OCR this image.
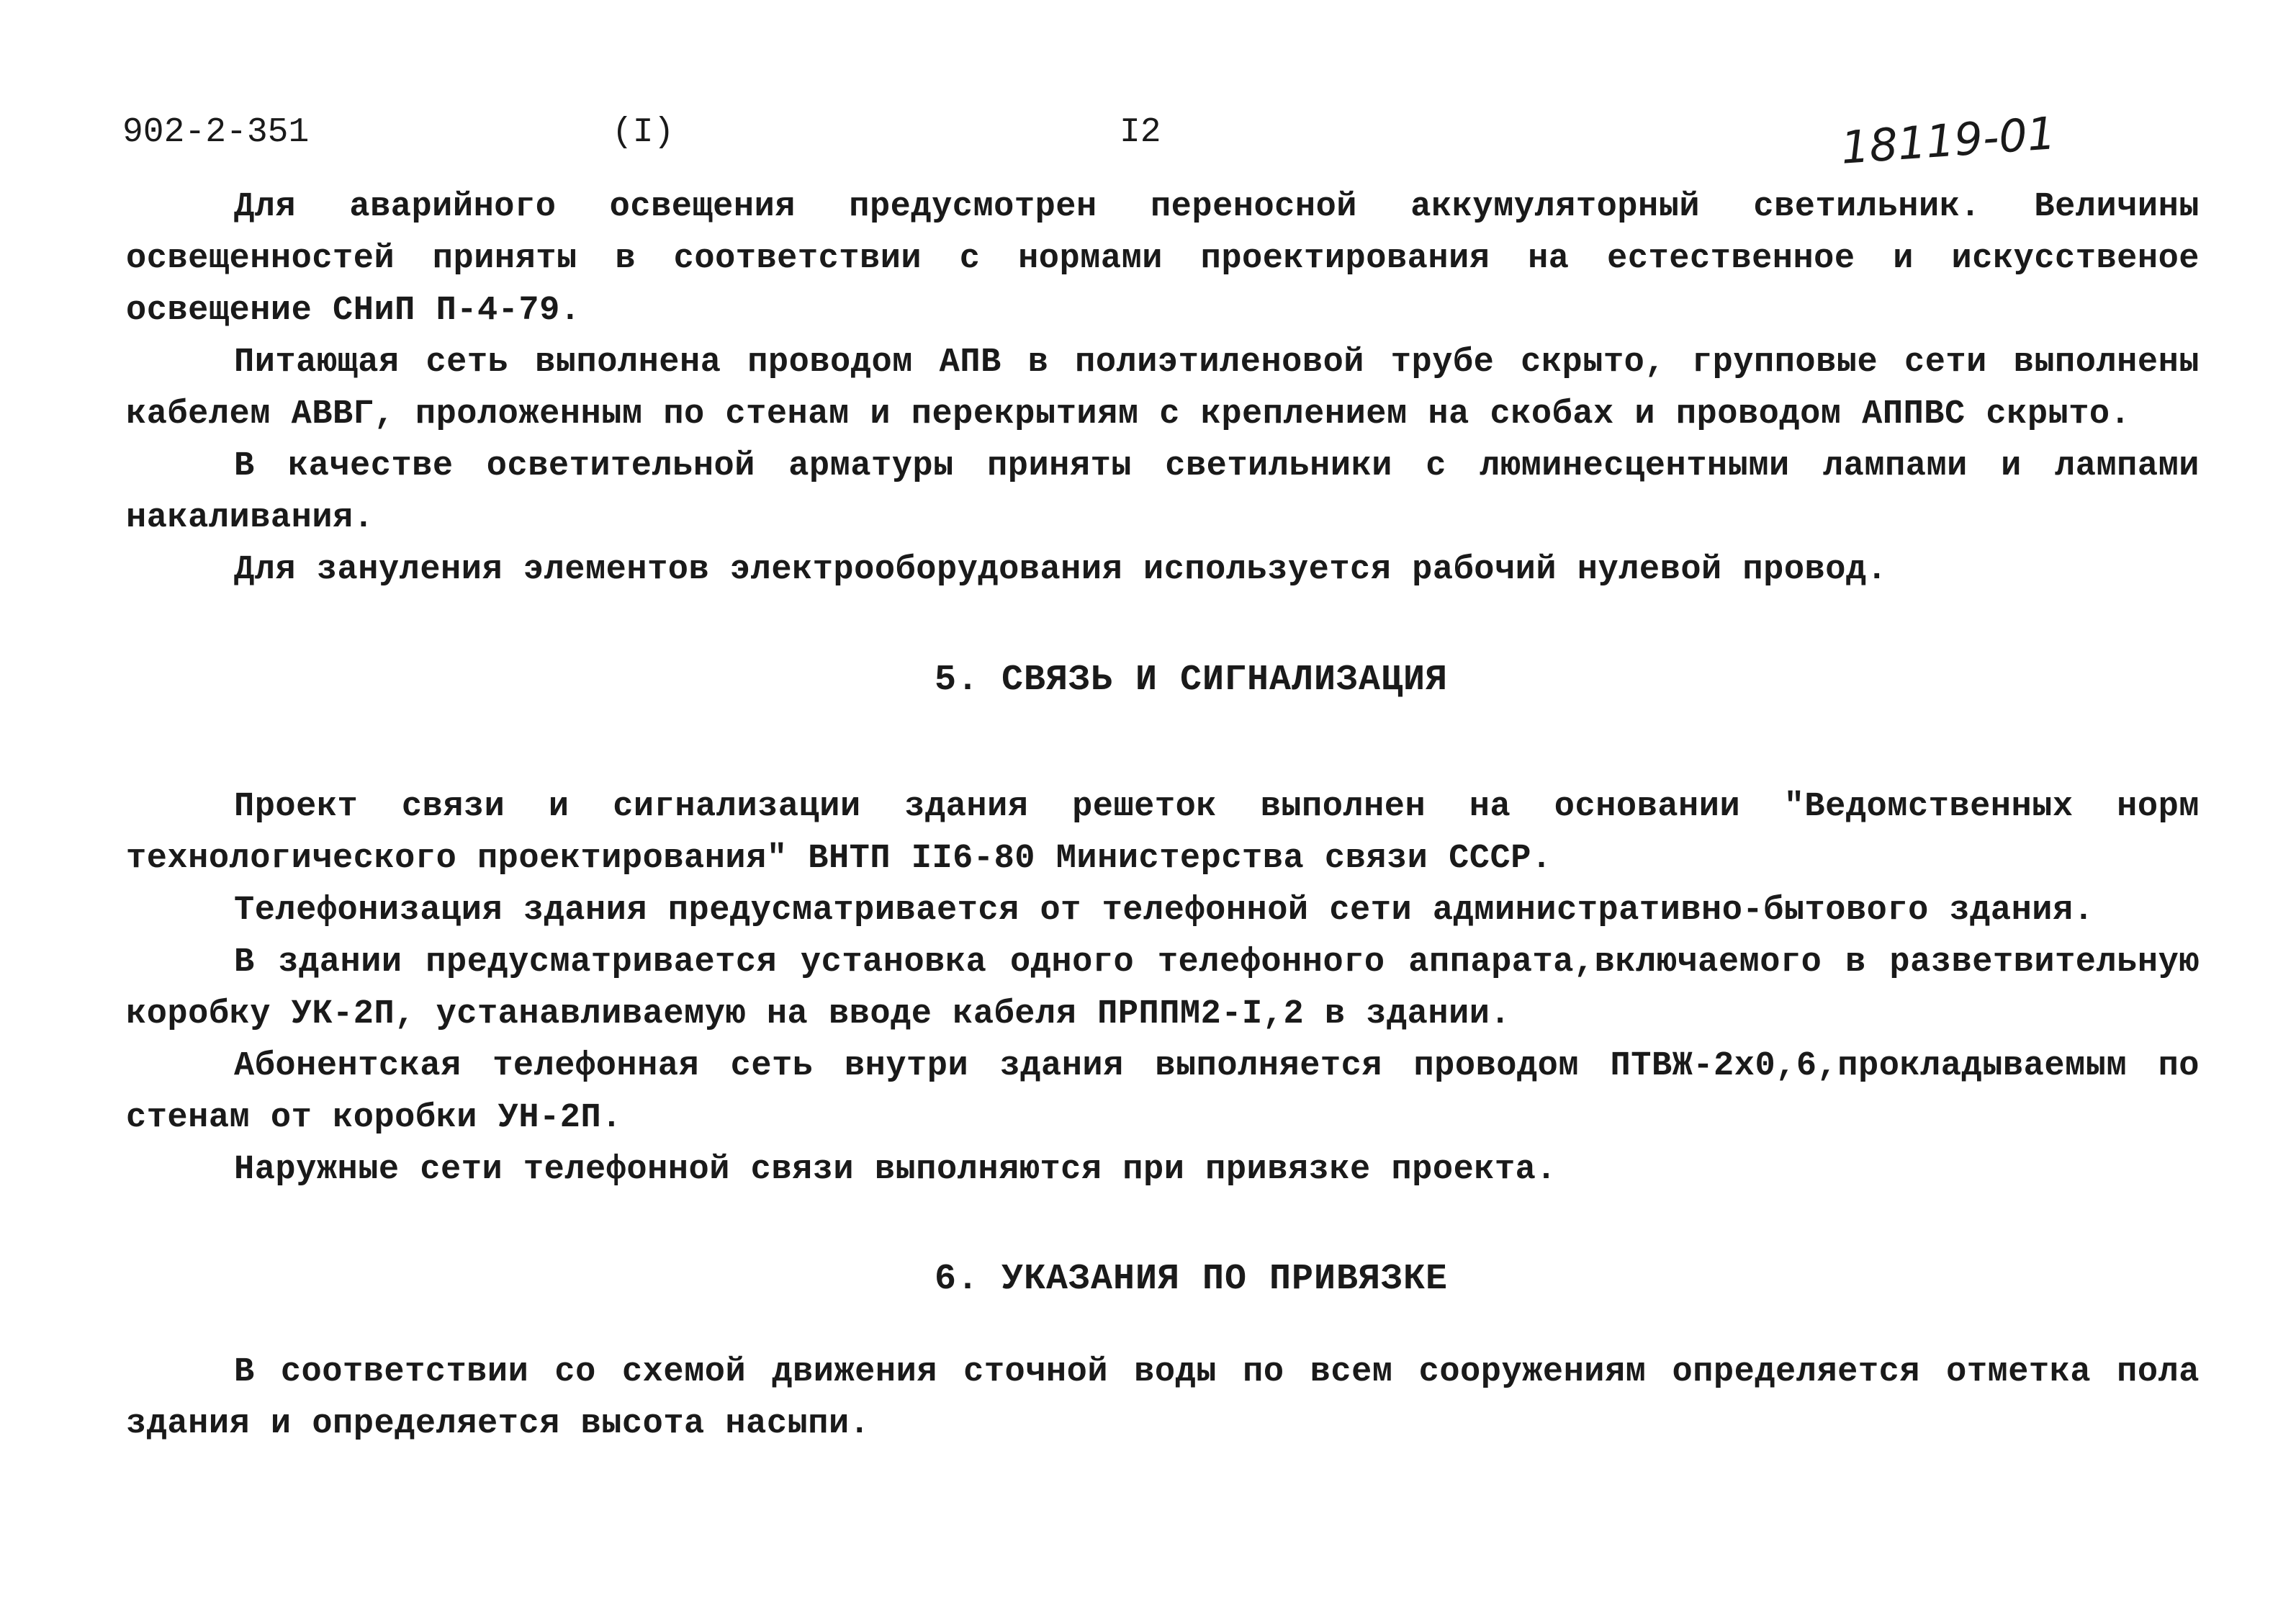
902-2-351	(I)	I2	18119-01

Для аварийного освещения предусмотрен переносной аккумуляторный светильник. Величины освещенностей приняты в соответствии с нормами проектирования на естественное и искусственое освещение СНиП П-4-79.

Питающая сеть выполнена проводом АПВ в полиэтиленовой трубе скрыто, групповые сети выполнены кабелем АВВГ, проложенным по стенам и перекрытиям с креплением на скобах и проводом АППВС скрыто.

В качестве осветительной арматуры приняты светильники с люминесцентными лампами и лампами накаливания.

Для зануления элементов электрооборудования используется рабочий нулевой провод.

5. СВЯЗЬ И СИГНАЛИЗАЦИЯ

Проект связи и сигнализации здания решеток выполнен на основании "Ведомственных норм технологического проектирования" ВНТП II6-80 Министерства связи СССР.

Телефонизация здания предусматривается от телефонной сети административно-бытового здания.

В здании предусматривается установка одного телефонного аппарата,включаемого в разветвительную коробку УК-2П, устанавливаемую на вводе кабеля ПРППМ2-I,2 в здании.

Абонентская телефонная сеть внутри здания выполняется проводом ПТВЖ-2х0,6,прокладываемым по стенам от коробки УН-2П.

Наружные сети телефонной связи выполняются при привязке проекта.

6. УКАЗАНИЯ ПО ПРИВЯЗКЕ

В соответствии со схемой движения сточной воды по всем сооружениям определяется отметка пола здания и определяется высота насыпи.
